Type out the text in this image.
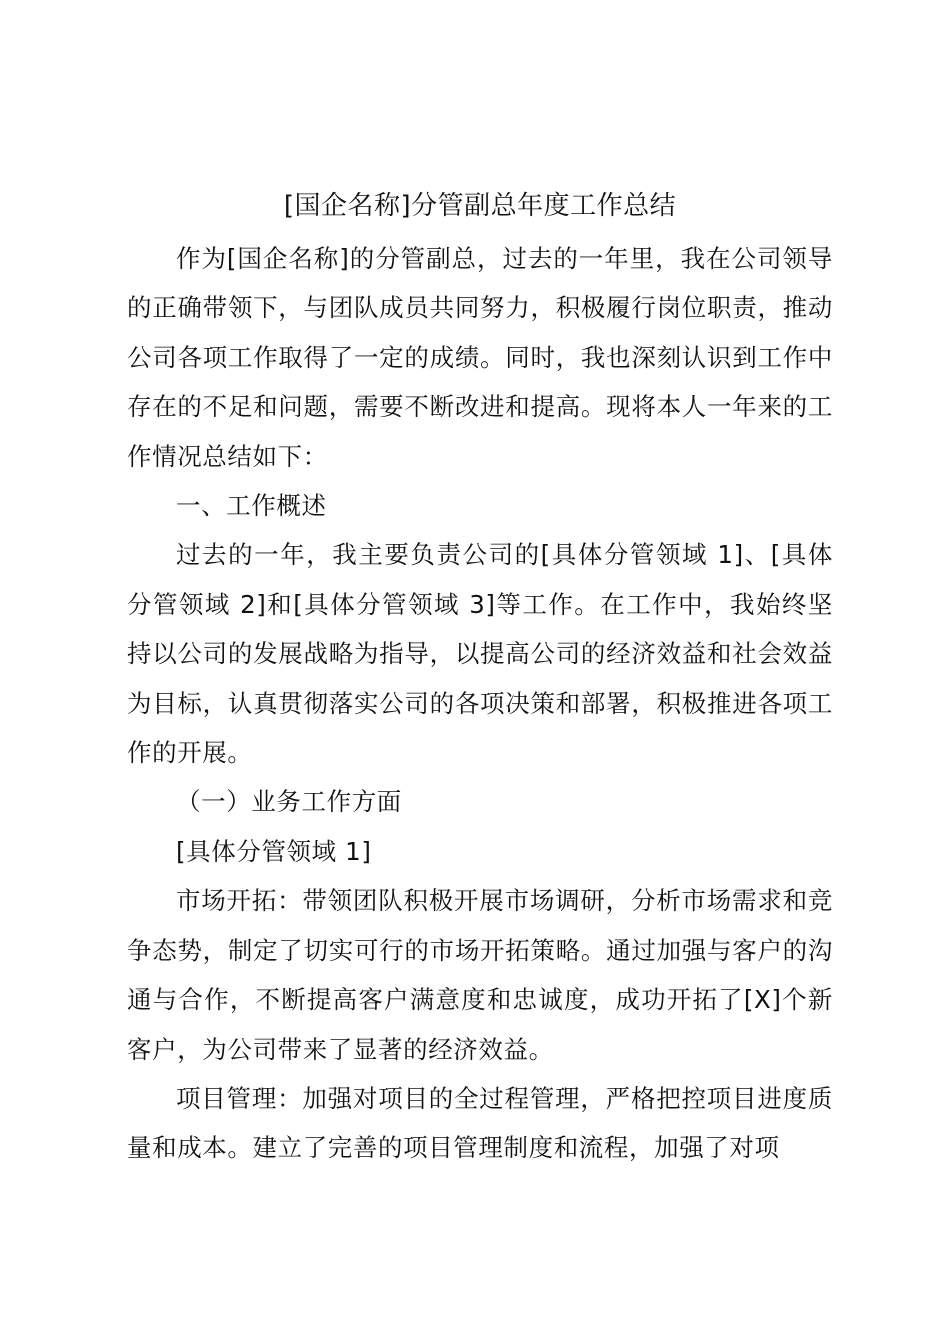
[国企名称]分管副总年度工作总结

作为[国企名称]的分管副总，过去的一年里，我在公司领导的正确带领下，与团队成员共同努力，积极履行岗位职责，推动公司各项工作取得了一定的成绩。同时，我也深刻认识到工作中存在的不足和问题，需要不断改进和提高。现将本人一年来的工作情况总结如下：

一、工作概述

过去的一年，我主要负责公司的[具体分管领域 1]、[具体分管领域 2]和[具体分管领域 3]等工作。在工作中，我始终坚持以公司的发展战略为指导，以提高公司的经济效益和社会效益为目标，认真贯彻落实公司的各项决策和部署，积极推进各项工作的开展。

（一）业务工作方面

[具体分管领域 1]

市场开拓：带领团队积极开展市场调研，分析市场需求和竞争态势，制定了切实可行的市场开拓策略。通过加强与客户的沟通与合作，不断提高客户满意度和忠诚度，成功开拓了[X]个新客户，为公司带来了显著的经济效益。

项目管理：加强对项目的全过程管理，严格把控项目进度质量和成本。建立了完善的项目管理制度和流程，加强了对项
